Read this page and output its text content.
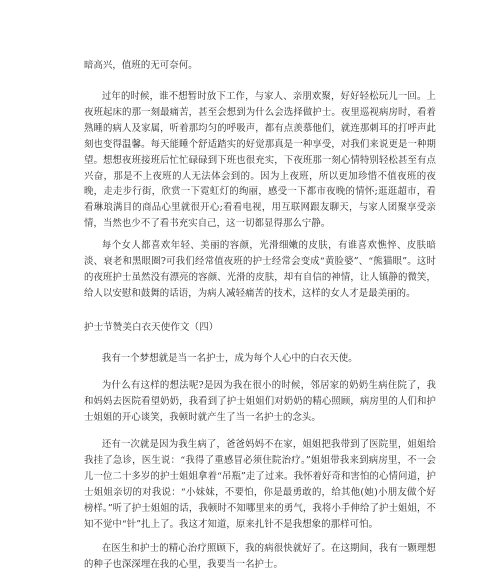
暗高兴，值班的无可奈何。

过年的时候，谁不想暂时放下工作，与家人、亲朋欢聚，好好轻松玩儿一回。上夜班起床的那一刻最痛苦，甚至会想到为什么会选择做护士。夜里巡视病房时，看着熟睡的病人及家属，听着那均匀的呼吸声，都有点羡慕他们，就连那刺耳的打呼声此刻也变得温馨。每天能睡个舒适踏实的好觉那真是一种享受，对我们来说更是一种期望。想想夜班接班后忙忙碌碌到下班也很充实，下夜班那一刻心情特别轻松甚至有点兴奋，那是不上夜班的人无法体会到的。因为上夜班，所以更加珍惜不值夜班的夜晚，走走步行街，欣赏一下霓虹灯的绚丽，感受一下都市夜晚的情怀;逛逛超市，看看琳琅满目的商品心里就很开心;看看电视，用互联网跟友聊天，与家人团聚享受亲情，当然也少不了看书充实自己，这一切都显得那么宁静。

每个女人都喜欢年轻、美丽的容颜，光滑细嫩的皮肤，有谁喜欢憔悴、皮肤暗淡、衰老和黑眼圈?可我们经常值夜班的护士经常会变成“黄脸婆”、“熊猫眼”。这时的夜班护士虽然没有漂亮的容颜、光滑的皮肤，却有自信的神情，让人镇静的微笑，给人以安慰和鼓舞的话语，为病人减轻痛苦的技术，这样的女人才是最美丽的。

护士节赞美白衣天使作文（四）

我有一个梦想就是当一名护士，成为每个人心中的白衣天使。

为什么有这样的想法呢?是因为我在很小的时候，邻居家的奶奶生病住院了，我和妈妈去医院看望奶奶，我看到了护士姐姐们对奶奶的精心照顾，病房里的人们和护士姐姐的开心谈笑，我顿时就产生了当一名护士的念头。

还有一次就是因为我生病了，爸爸妈妈不在家，姐姐把我带到了医院里，姐姐给我挂了急诊，医生说：“我得了重感冒必须住院治疗。”姐姐带我来到病房里，不一会儿一位二十多岁的护士姐姐拿着“吊瓶”走了过来。我怀着好奇和害怕的心情问道，护士姐姐亲切的对我说：“小妹妹，不要怕，你是最勇敢的，给其他(她)小朋友做个好榜样。”听了护士姐姐的话，我顿时不知哪里来的勇气，我将小手伸给了护士姐姐，不知不觉中“针”扎上了。我这才知道，原来扎针不是我想象的那样可怕。

在医生和护士的精心治疗照顾下，我的病很快就好了。在这期间，我有一颗理想的种子也深深埋在我的心里，我要当一名护士。
